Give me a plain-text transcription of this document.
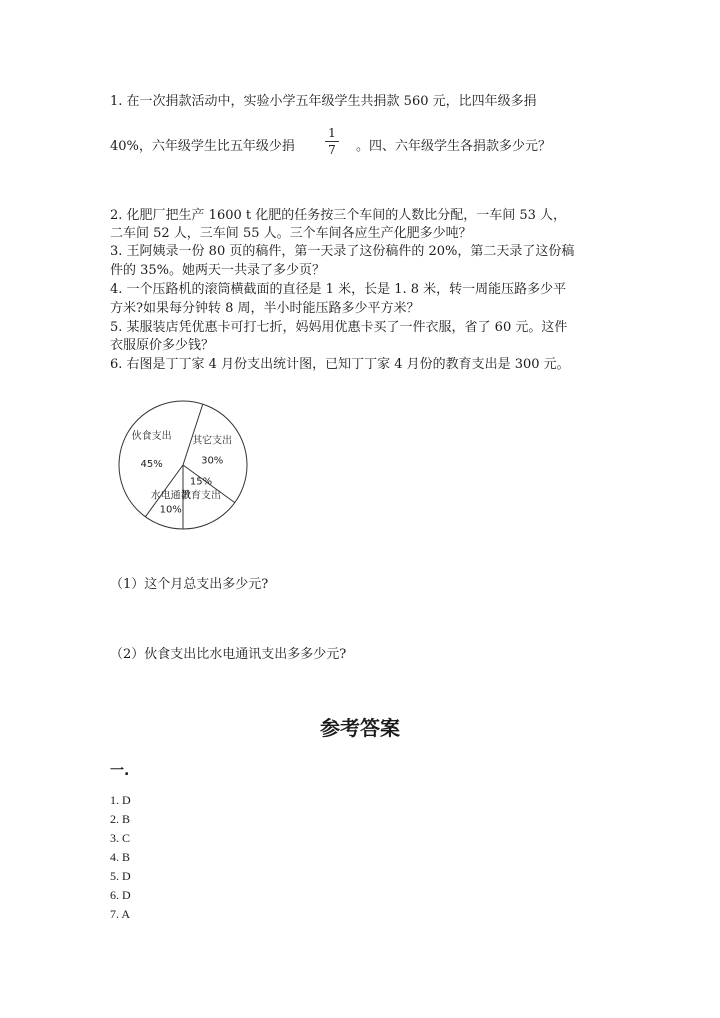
1. 在一次捐款活动中，实验小学五年级学生共捐款 560 元，比四年级多捐
40%，六年级学生比五年级少捐
1
7 。四、六年级学生各捐款多少元？
2. 化肥厂把生产 1600 t 化肥的任务按三个车间的人数比分配，一车间 53 人，
二车间 52 人，三车间 55 人。三个车间各应生产化肥多少吨？
3. 王阿姨录一份 80 页的稿件，第一天录了这份稿件的 20%，第二天录了这份稿
件的 35%。她两天一共录了多少页？
4. 一个压路机的滚筒横截面的直径是 1 米，长是 1. 8 米，转一周能压路多少平
方米?如果每分钟转 8 周，半小时能压路多少平方米？
5. 某服装店凭优惠卡可打七折，妈妈用优惠卡买了一件衣服，省了 60 元。这件
衣服原价多少钱？
6. 右图是丁丁家 4 月份支出统计图，已知丁丁家 4 月份的教育支出是 300 元。
其它支出
30%
教育支出
15%
水电通讯
10%
伙食支出
45%
（1）这个月总支出多少元?
（2）伙食支出比水电通讯支出多多少元?
参考答案
一.
1. D
2. B
3. C
4. B
5. D
6. D
7. A
